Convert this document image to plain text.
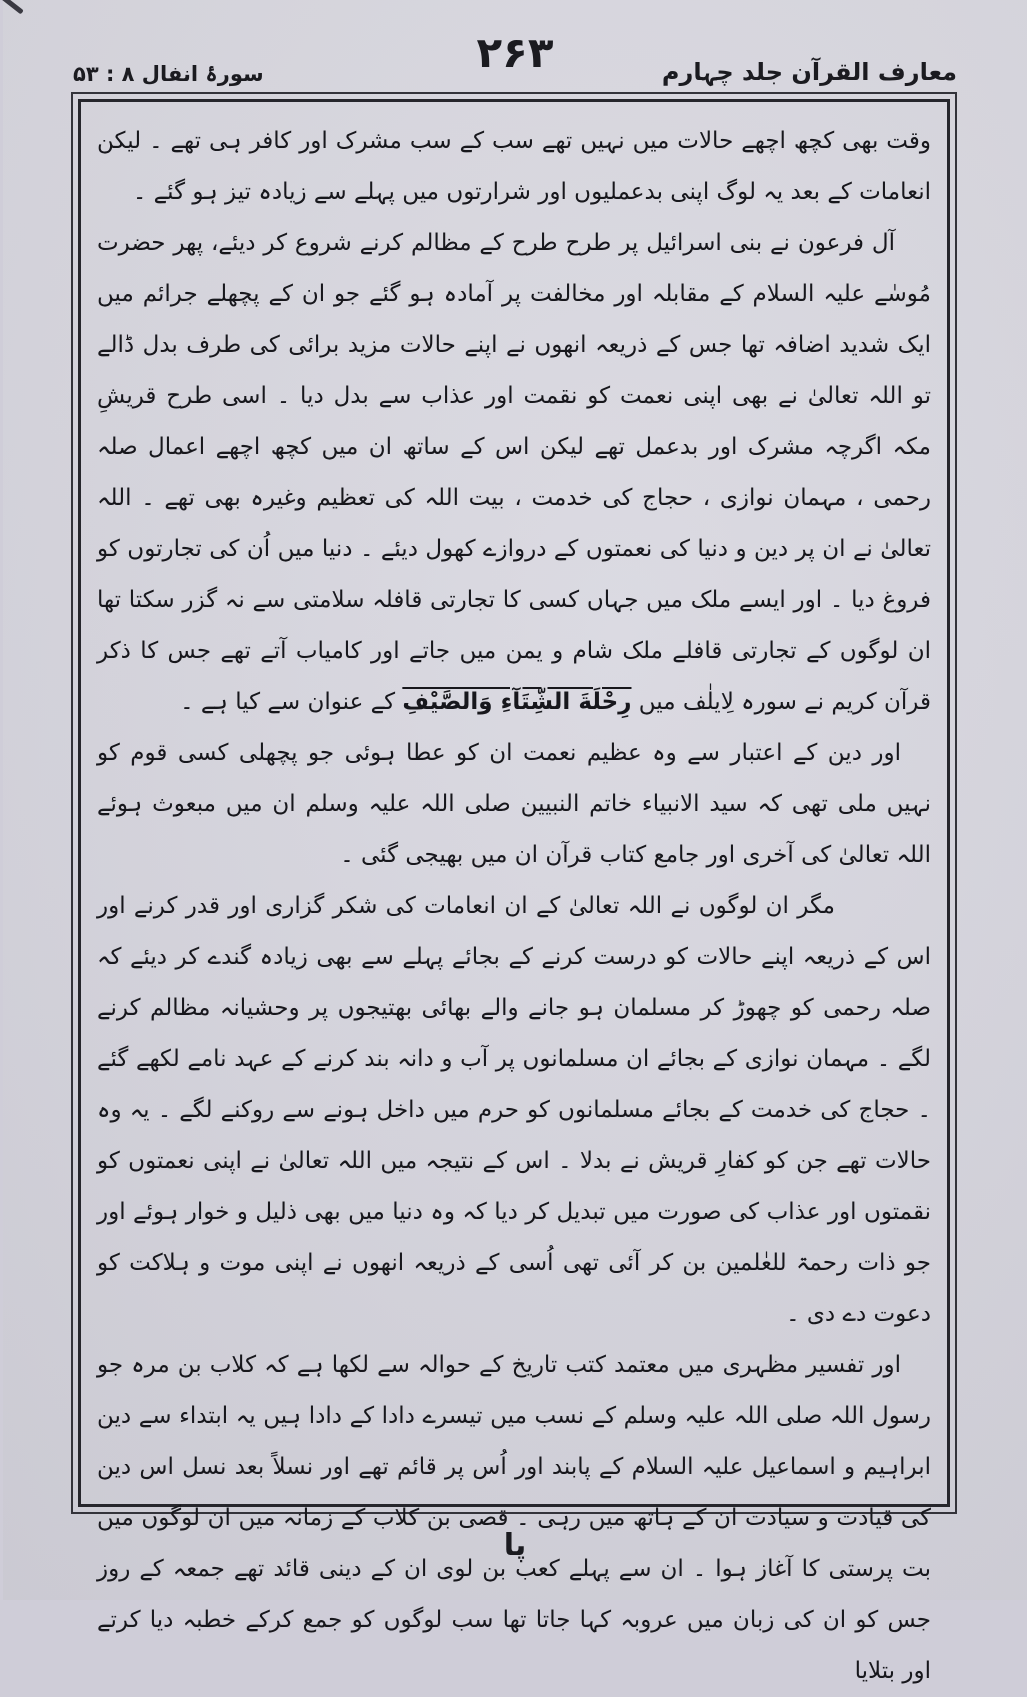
معارف القرآن جلد چہارم
۲۶۳
سورۂ انفال ۸ : ۵۳

وقت بھی کچھ اچھے حالات میں نہیں تھے سب کے سب مشرک اور کافر ہی تھے ۔ لیکن انعامات کے بعد یہ لوگ اپنی بدعملیوں اور شرارتوں میں پہلے سے زیادہ تیز ہو گئے ۔

آل فرعون نے بنی اسرائیل پر طرح طرح کے مظالم کرنے شروع کر دیئے، پھر حضرت مُوسٰے علیہ السلام کے مقابلہ اور مخالفت پر آمادہ ہو گئے جو ان کے پچھلے جرائم میں ایک شدید اضافہ تھا جس کے ذریعہ انھوں نے اپنے حالات مزید برائی کی طرف بدل ڈالے تو اللہ تعالیٰ نے بھی اپنی نعمت کو نقمت اور عذاب سے بدل دیا ۔ اسی طرح قریشِ مکہ اگرچہ مشرک اور بدعمل تھے لیکن اس کے ساتھ ان میں کچھ اچھے اعمال صلہ رحمی ، مہمان نوازی ، حجاج کی خدمت ، بیت اللہ کی تعظیم وغیرہ بھی تھے ۔ اللہ تعالیٰ نے ان پر دین و دنیا کی نعمتوں کے دروازے کھول دیئے ۔ دنیا میں اُن کی تجارتوں کو فروغ دیا ۔ اور ایسے ملک میں جہاں کسی کا تجارتی قافلہ سلامتی سے نہ گزر سکتا تھا ان لوگوں کے تجارتی قافلے ملک شام و یمن میں جاتے اور کامیاب آتے تھے جس کا ذکر قرآن کریم نے سورہ لِایلٰف میں رِحْلَةَ الشِّتَآءِ وَالصَّيْفِ کے عنوان سے کیا ہے ۔

اور دین کے اعتبار سے وہ عظیم نعمت ان کو عطا ہوئی جو پچھلی کسی قوم کو نہیں ملی تھی کہ سید الانبیاء خاتم النبیین صلی اللہ علیہ وسلم ان میں مبعوث ہوئے اللہ تعالیٰ کی آخری اور جامع کتاب قرآن ان میں بھیجی گئی ۔

مگر ان لوگوں نے اللہ تعالیٰ کے ان انعامات کی شکر گزاری اور قدر کرنے اور اس کے ذریعہ اپنے حالات کو درست کرنے کے بجائے پہلے سے بھی زیادہ گندے کر دیئے کہ صلہ رحمی کو چھوڑ کر مسلمان ہو جانے والے بھائی بھتیجوں پر وحشیانہ مظالم کرنے لگے ۔ مہمان نوازی کے بجائے ان مسلمانوں پر آب و دانہ بند کرنے کے عہد نامے لکھے گئے ۔ حجاج کی خدمت کے بجائے مسلمانوں کو حرم میں داخل ہونے سے روکنے لگے ۔ یہ وہ حالات تھے جن کو کفارِ قریش نے بدلا ۔ اس کے نتیجہ میں اللہ تعالیٰ نے اپنی نعمتوں کو نقمتوں اور عذاب کی صورت میں تبدیل کر دیا کہ وہ دنیا میں بھی ذلیل و خوار ہوئے اور جو ذات رحمۃ للعٰلمین بن کر آئی تھی اُسی کے ذریعہ انھوں نے اپنی موت و ہلاکت کو دعوت دے دی ۔

اور تفسیر مظہری میں معتمد کتب تاریخ کے حوالہ سے لکھا ہے کہ کلاب بن مرہ جو رسول اللہ صلی اللہ علیہ وسلم کے نسب میں تیسرے دادا کے دادا ہیں یہ ابتداء سے دین ابراہیم و اسماعیل علیہ السلام کے پابند اور اُس پر قائم تھے اور نسلاً بعد نسل اس دین کی قیادت و سیادت ان کے ہاتھ میں رہی ۔ قصی بن کلاب کے زمانہ میں ان لوگوں میں بت پرستی کا آغاز ہوا ۔ ان سے پہلے کعب بن لوی ان کے دینی قائد تھے جمعہ کے روز جس کو ان کی زبان میں عروبہ کہا جاتا تھا سب لوگوں کو جمع کرکے خطبہ دیا کرتے اور بتلایا

پا
